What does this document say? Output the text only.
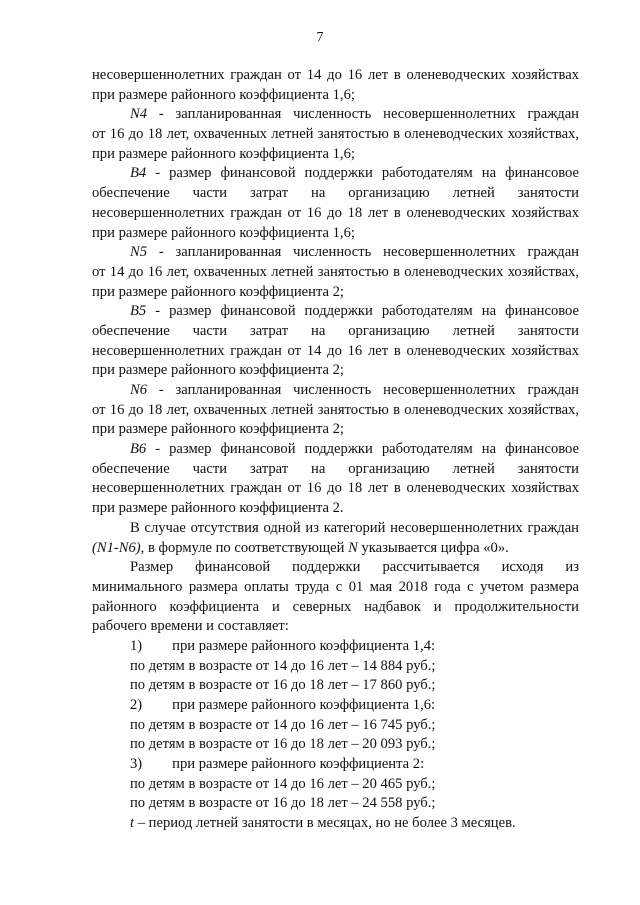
7
несовершеннолетних граждан от 14 до 16 лет в оленеводческих хозяйствах
при размере районного коэффициента 1,6;
N4 - запланированная численность несовершеннолетних граждан
от 16 до 18 лет, охваченных летней занятостью в оленеводческих хозяйствах,
при размере районного коэффициента 1,6;
B4 - размер финансовой поддержки работодателям на финансовое
обеспечение части затрат на организацию летней занятости
несовершеннолетних граждан от 16 до 18 лет в оленеводческих хозяйствах
при размере районного коэффициента 1,6;
N5 - запланированная численность несовершеннолетних граждан
от 14 до 16 лет, охваченных летней занятостью в оленеводческих хозяйствах,
при размере районного коэффициента 2;
B5 - размер финансовой поддержки работодателям на финансовое
обеспечение части затрат на организацию летней занятости
несовершеннолетних граждан от 14 до 16 лет в оленеводческих хозяйствах
при размере районного коэффициента 2;
N6 - запланированная численность несовершеннолетних граждан
от 16 до 18 лет, охваченных летней занятостью в оленеводческих хозяйствах,
при размере районного коэффициента 2;
B6 - размер финансовой поддержки работодателям на финансовое
обеспечение части затрат на организацию летней занятости
несовершеннолетних граждан от 16 до 18 лет в оленеводческих хозяйствах
при размере районного коэффициента 2.
В случае отсутствия одной из категорий несовершеннолетних граждан
(N1-N6), в формуле по соответствующей N указывается цифра «0».
Размер финансовой поддержки рассчитывается исходя из
минимального размера оплаты труда с 01 мая 2018 года с учетом размера
районного коэффициента и северных надбавок и продолжительности
рабочего времени и составляет:
1) при размере районного коэффициента 1,4:
по детям в возрасте от 14 до 16 лет – 14 884 руб.;
по детям в возрасте от 16 до 18 лет – 17 860 руб.;
2) при размере районного коэффициента 1,6:
по детям в возрасте от 14 до 16 лет – 16 745 руб.;
по детям в возрасте от 16 до 18 лет – 20 093 руб.;
3) при размере районного коэффициента 2:
по детям в возрасте от 14 до 16 лет – 20 465 руб.;
по детям в возрасте от 16 до 18 лет – 24 558 руб.;
t – период летней занятости в месяцах, но не более 3 месяцев.
